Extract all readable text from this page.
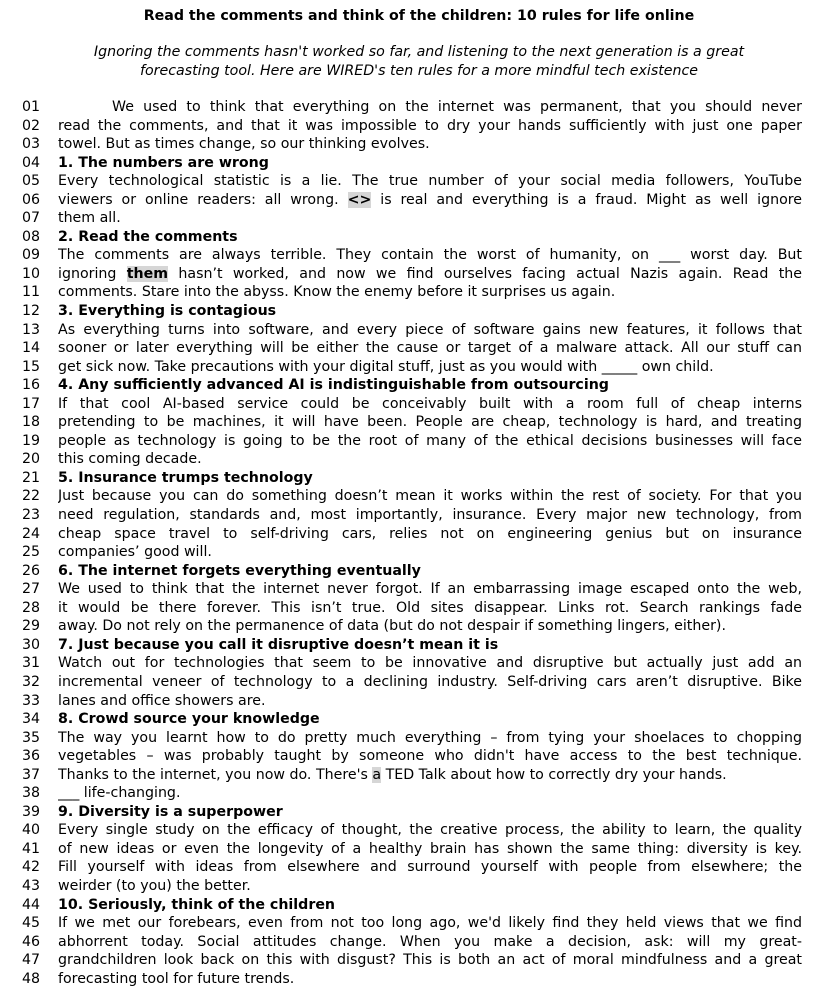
Read the comments and think of the children: 10 rules for life online
Ignoring the comments hasn't worked so far, and listening to the next generation is a great
forecasting tool. Here are WIRED's ten rules for a more mindful tech existence
01	We used to think that everything on the internet was permanent, that you should never
02	read the comments, and that it was impossible to dry your hands sufficiently with just one paper
03	towel. But as times change, so our thinking evolves.
04	1. The numbers are wrong
05	Every technological statistic is a lie. The true number of your social media followers, YouTube
06	viewers or online readers: all wrong. <> is real and everything is a fraud. Might as well ignore
07	them all.
08	2. Read the comments
09	The comments are always terrible. They contain the worst of humanity, on ___ worst day. But
10	ignoring them hasn’t worked, and now we find ourselves facing actual Nazis again. Read the
11	comments. Stare into the abyss. Know the enemy before it surprises us again.
12	3. Everything is contagious
13	As everything turns into software, and every piece of software gains new features, it follows that
14	sooner or later everything will be either the cause or target of a malware attack. All our stuff can
15	get sick now. Take precautions with your digital stuff, just as you would with _____ own child.
16	4. Any sufficiently advanced AI is indistinguishable from outsourcing
17	If that cool AI-based service could be conceivably built with a room full of cheap interns
18	pretending to be machines, it will have been. People are cheap, technology is hard, and treating
19	people as technology is going to be the root of many of the ethical decisions businesses will face
20	this coming decade.
21	5. Insurance trumps technology
22	Just because you can do something doesn’t mean it works within the rest of society. For that you
23	need regulation, standards and, most importantly, insurance. Every major new technology, from
24	cheap space travel to self-driving cars, relies not on engineering genius but on insurance
25	companies’ good will.
26	6. The internet forgets everything eventually
27	We used to think that the internet never forgot. If an embarrassing image escaped onto the web,
28	it would be there forever. This isn’t true. Old sites disappear. Links rot. Search rankings fade
29	away. Do not rely on the permanence of data (but do not despair if something lingers, either).
30	7. Just because you call it disruptive doesn’t mean it is
31	Watch out for technologies that seem to be innovative and disruptive but actually just add an
32	incremental veneer of technology to a declining industry. Self-driving cars aren’t disruptive. Bike
33	lanes and office showers are.
34	8. Crowd source your knowledge
35	The way you learnt how to do pretty much everything – from tying your shoelaces to chopping
36	vegetables – was probably taught by someone who didn't have access to the best technique.
37	Thanks to the internet, you now do. There's a TED Talk about how to correctly dry your hands.
38	___ life-changing.
39	9. Diversity is a superpower
40	Every single study on the efficacy of thought, the creative process, the ability to learn, the quality
41	of new ideas or even the longevity of a healthy brain has shown the same thing: diversity is key.
42	Fill yourself with ideas from elsewhere and surround yourself with people from elsewhere; the
43	weirder (to you) the better.
44	10. Seriously, think of the children
45	If we met our forebears, even from not too long ago, we'd likely find they held views that we find
46	abhorrent today. Social attitudes change. When you make a decision, ask: will my great-
47	grandchildren look back on this with disgust? This is both an act of moral mindfulness and a great
48	forecasting tool for future trends.
